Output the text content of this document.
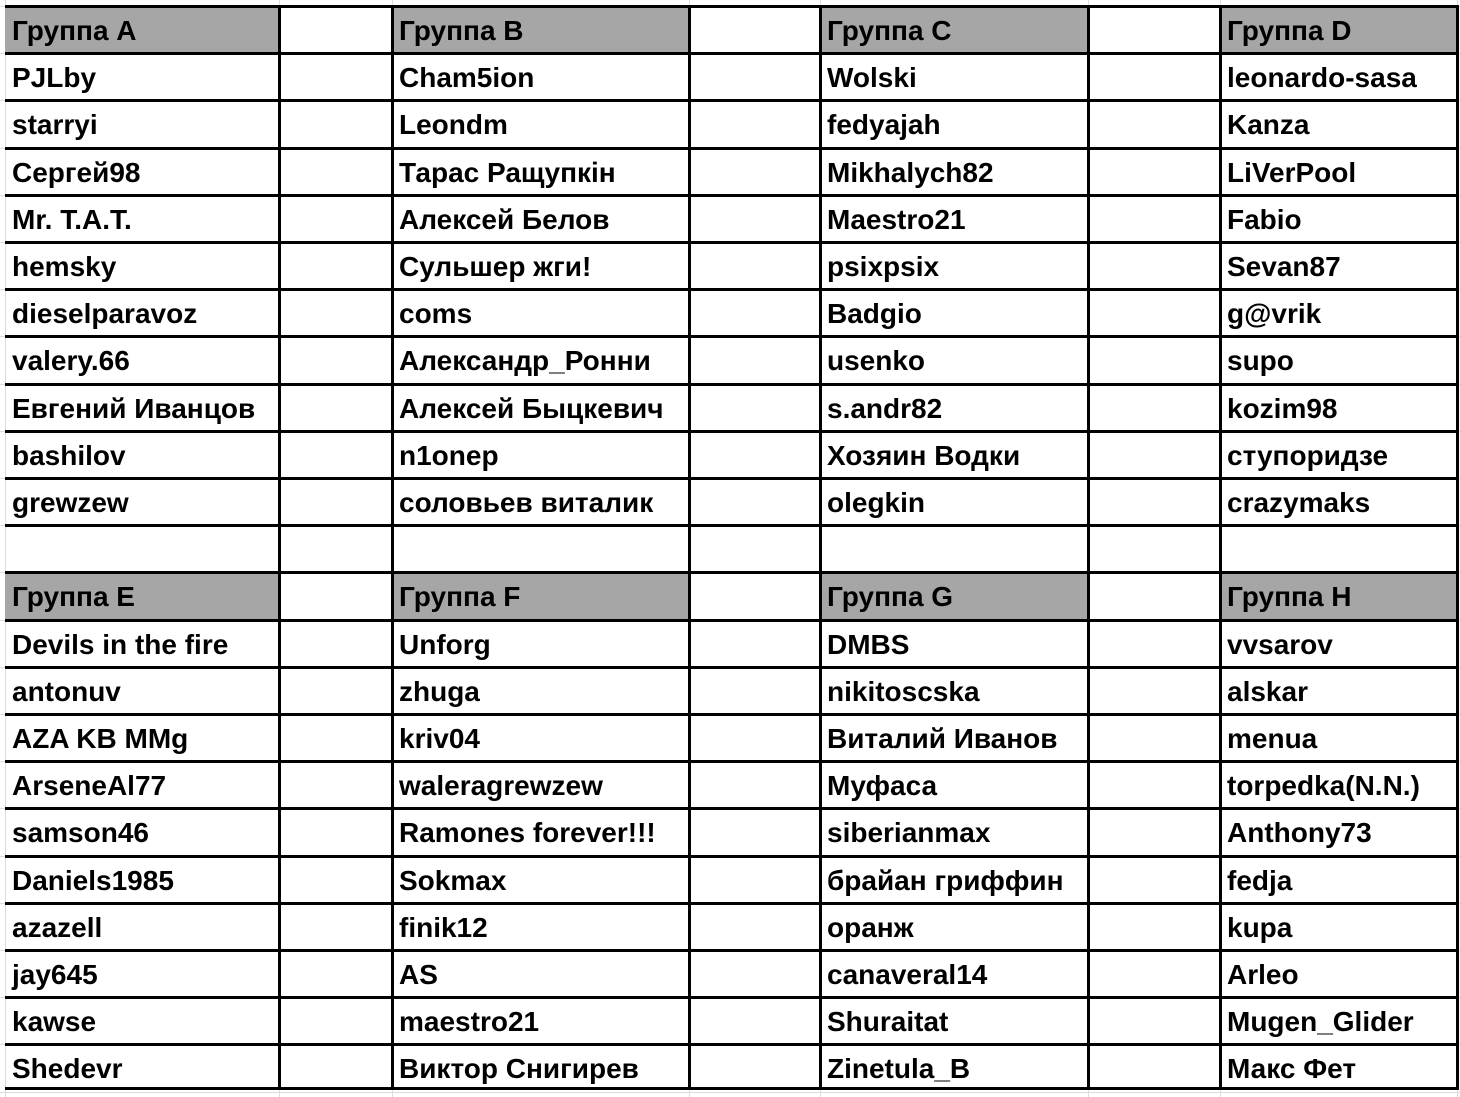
Группа A
PJLby
starryi
Сергей98
Mr. T.A.T.
hemsky
dieselparavoz
valery.66
Евгений Иванцов
bashilov
grewzew
Группа B
Cham5ion
Leondm
Тарас Ращупкін
Алексей Белов
Сульшер жги!
coms
Александр_Ронни
Алексей Быцкевич
n1onep
соловьев виталик
Группа C
Wolski
fedyajah
Mikhalych82
Maestro21
psixpsix
Badgio
usenko
s.andr82
Хозяин Водки
olegkin
Группа D
leonardo-sasa
Kanza
LiVerPool
Fabio
Sevan87
g@vrik
supo
kozim98
ступоридзе
crazymaks
Группа E
Devils in the fire
antonuv
AZA KB MMg
ArseneAl77
samson46
Daniels1985
azazell
jay645
kawse
Shedevr
Группа F
Unforg
zhuga
kriv04
waleragrewzew
Ramones forever!!!
Sokmax
finik12
AS
maestro21
Виктор Снигирев
Группа G
DMBS
nikitoscska
Виталий Иванов
Муфаса
siberianmax
брайан гриффин
оранж
canaveral14
Shuraitat
Zinetula_B
Группа H
vvsarov
alskar
menua
torpedka(N.N.)
Anthony73
fedja
kupa
Arleo
Mugen_Glider
Макс Фет
